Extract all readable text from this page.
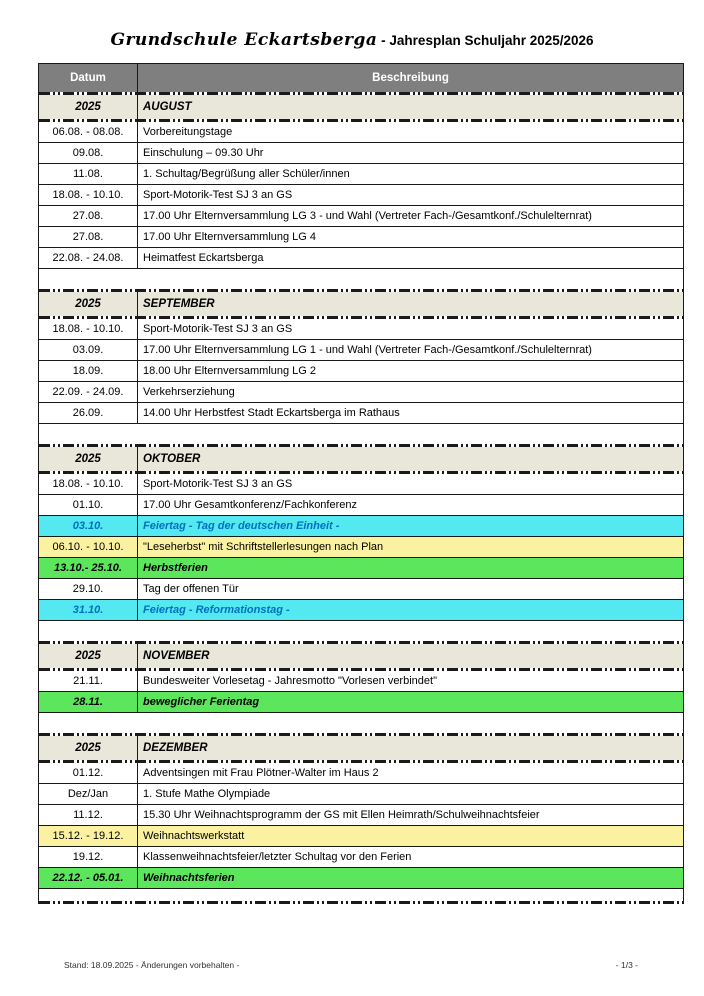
Grundschule Eckartsberga - Jahresplan Schuljahr 2025/2026
Datum	Beschreibung
2025	AUGUST
06.08. - 08.08.	Vorbereitungstage
09.08.	Einschulung – 09.30 Uhr
11.08.	1. Schultag/Begrüßung aller Schüler/innen
18.08. - 10.10.	Sport-Motorik-Test SJ 3 an GS
27.08.	17.00 Uhr Elternversammlung LG 3 - und Wahl (Vertreter Fach-/Gesamtkonf./Schulelternrat)
27.08.	17.00 Uhr Elternversammlung LG 4
22.08. - 24.08.	Heimatfest Eckartsberga
2025	SEPTEMBER
18.08. - 10.10.	Sport-Motorik-Test SJ 3 an GS
03.09.	17.00 Uhr Elternversammlung LG 1 - und Wahl (Vertreter Fach-/Gesamtkonf./Schulelternrat)
18.09.	18.00 Uhr Elternversammlung LG 2
22.09. - 24.09.	Verkehrserziehung
26.09.	14.00 Uhr Herbstfest Stadt Eckartsberga im Rathaus
2025	OKTOBER
18.08. - 10.10.	Sport-Motorik-Test SJ 3 an GS
01.10.	17.00 Uhr Gesamtkonferenz/Fachkonferenz
03.10.	Feiertag - Tag der deutschen Einheit -
06.10. - 10.10.	"Leseherbst" mit Schriftstellerlesungen nach Plan
13.10.- 25.10.	Herbstferien
29.10.	Tag der offenen Tür
31.10.	Feiertag - Reformationstag -
2025	NOVEMBER
21.11.	Bundesweiter Vorlesetag - Jahresmotto "Vorlesen verbindet"
28.11.	beweglicher Ferientag
2025	DEZEMBER
01.12.	Adventsingen mit Frau Plötner-Walter im Haus 2
Dez/Jan	1. Stufe Mathe Olympiade
11.12.	15.30 Uhr Weihnachtsprogramm der GS mit Ellen Heimrath/Schulweihnachtsfeier
15.12. - 19.12.	Weihnachtswerkstatt
19.12.	Klassenweihnachtsfeier/letzter Schultag vor den Ferien
22.12. - 05.01.	Weihnachtsferien
Stand: 18.09.2025 - Änderungen vorbehalten -	- 1/3 -
